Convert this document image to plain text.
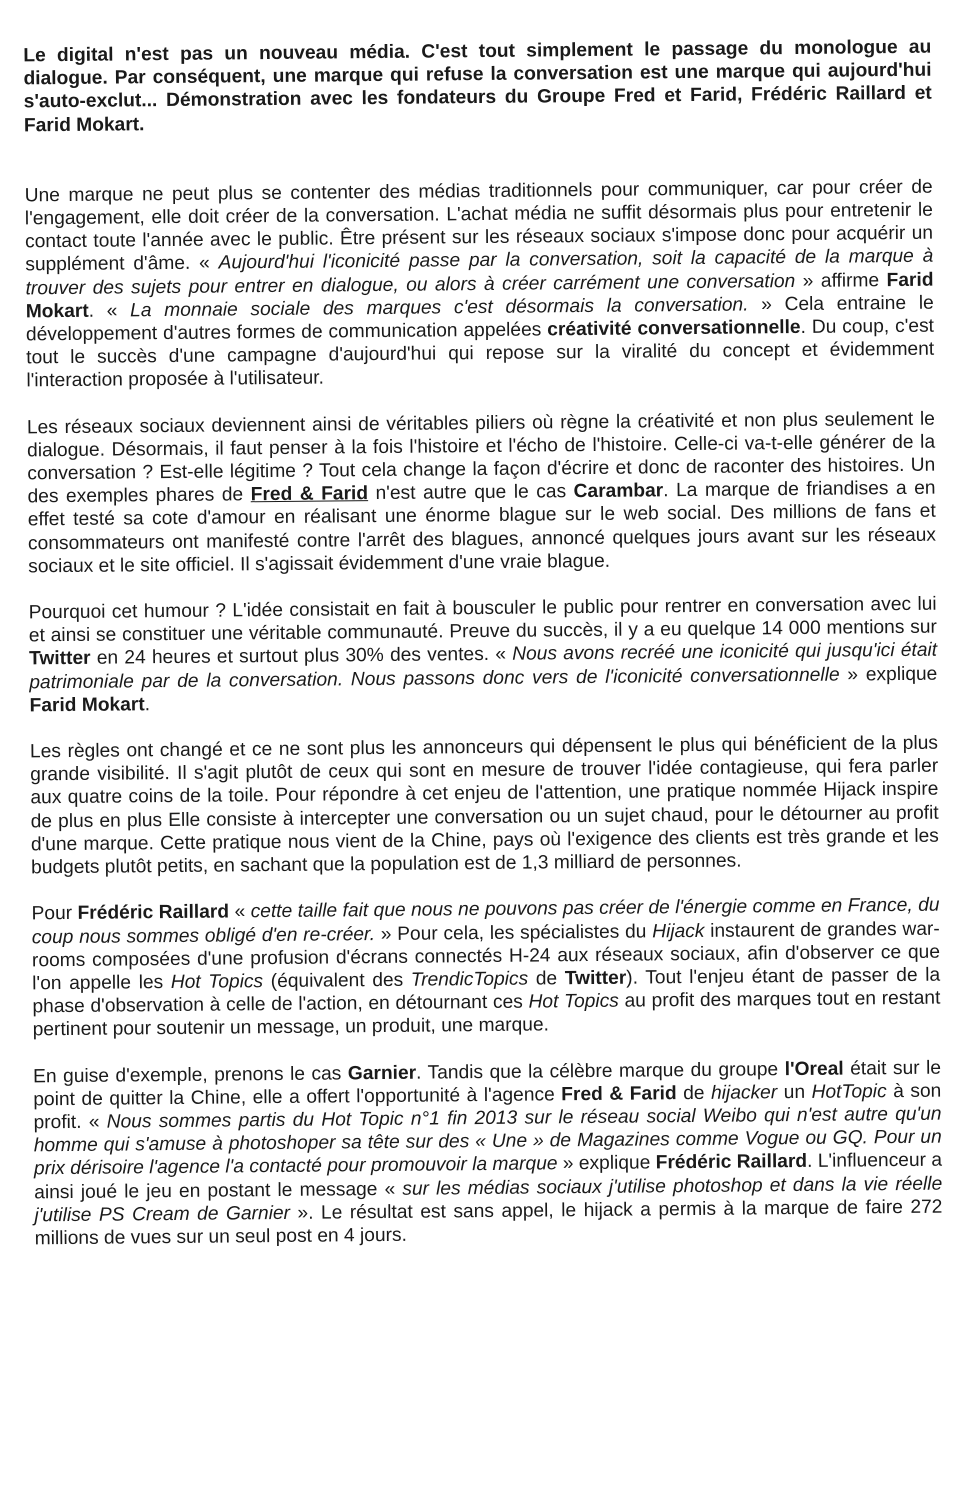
Le digital n'est pas un nouveau média. C'est tout simplement le passage du monologue au dialogue. Par conséquent, une marque qui refuse la conversation est une marque qui aujourd'hui s'auto-exclut... Démonstration avec les fondateurs du Groupe Fred et Farid, Frédéric Raillard et Farid Mokart.

Une marque ne peut plus se contenter des médias traditionnels pour communiquer, car pour créer de l'engagement, elle doit créer de la conversation. L'achat média ne suffit désormais plus pour entretenir le contact toute l'année avec le public. Être présent sur les réseaux sociaux s'impose donc pour acquérir un supplément d'âme. « Aujourd'hui l'iconicité passe par la conversation, soit la capacité de la marque à trouver des sujets pour entrer en dialogue, ou alors à créer carrément une conversation » affirme Farid Mokart. « La monnaie sociale des marques c'est désormais la conversation. » Cela entraine le développement d'autres formes de communication appelées créativité conversationnelle. Du coup, c'est tout le succès d'une campagne d'aujourd'hui qui repose sur la viralité du concept et évidemment l'interaction proposée à l'utilisateur.

Les réseaux sociaux deviennent ainsi de véritables piliers où règne la créativité et non plus seulement le dialogue. Désormais, il faut penser à la fois l'histoire et l'écho de l'histoire. Celle-ci va-t-elle générer de la conversation ? Est-elle légitime ? Tout cela change la façon d'écrire et donc de raconter des histoires. Un des exemples phares de Fred & Farid n'est autre que le cas Carambar. La marque de friandises a en effet testé sa cote d'amour en réalisant une énorme blague sur le web social. Des millions de fans et consommateurs ont manifesté contre l'arrêt des blagues, annoncé quelques jours avant sur les réseaux sociaux et le site officiel. Il s'agissait évidemment d'une vraie blague.

Pourquoi cet humour ? L'idée consistait en fait à bousculer le public pour rentrer en conversation avec lui et ainsi se constituer une véritable communauté. Preuve du succès, il y a eu quelque 14 000 mentions sur Twitter en 24 heures et surtout plus 30% des ventes. « Nous avons recréé une iconicité qui jusqu'ici était patrimoniale par de la conversation. Nous passons donc vers de l'iconicité conversationnelle » explique Farid Mokart.

Les règles ont changé et ce ne sont plus les annonceurs qui dépensent le plus qui bénéficient de la plus grande visibilité. Il s'agit plutôt de ceux qui sont en mesure de trouver l'idée contagieuse, qui fera parler aux quatre coins de la toile. Pour répondre à cet enjeu de l'attention, une pratique nommée Hijack inspire de plus en plus Elle consiste à intercepter une conversation ou un sujet chaud, pour le détourner au profit d'une marque. Cette pratique nous vient de la Chine, pays où l'exigence des clients est très grande et les budgets plutôt petits, en sachant que la population est de 1,3 milliard de personnes.

Pour Frédéric Raillard « cette taille fait que nous ne pouvons pas créer de l'énergie comme en France, du coup nous sommes obligé d'en re-créer. » Pour cela, les spécialistes du Hijack instaurent de grandes war-rooms composées d'une profusion d'écrans connectés H-24 aux réseaux sociaux, afin d'observer ce que l'on appelle les Hot Topics (équivalent des TrendicTopics de Twitter). Tout l'enjeu étant de passer de la phase d'observation à celle de l'action, en détournant ces Hot Topics au profit des marques tout en restant pertinent pour soutenir un message, un produit, une marque.

En guise d'exemple, prenons le cas Garnier. Tandis que la célèbre marque du groupe l'Oreal était sur le point de quitter la Chine, elle a offert l'opportunité à l'agence Fred & Farid de hijacker un HotTopic à son profit. « Nous sommes partis du Hot Topic n°1 fin 2013 sur le réseau social Weibo qui n'est autre qu'un homme qui s'amuse à photoshoper sa tête sur des « Une » de Magazines comme Vogue ou GQ. Pour un prix dérisoire l'agence l'a contacté pour promouvoir la marque » explique Frédéric Raillard. L'influenceur a ainsi joué le jeu en postant le message « sur les médias sociaux j'utilise photoshop et dans la vie réelle j'utilise PS Cream de Garnier ». Le résultat est sans appel, le hijack a permis à la marque de faire 272 millions de vues sur un seul post en 4 jours.
